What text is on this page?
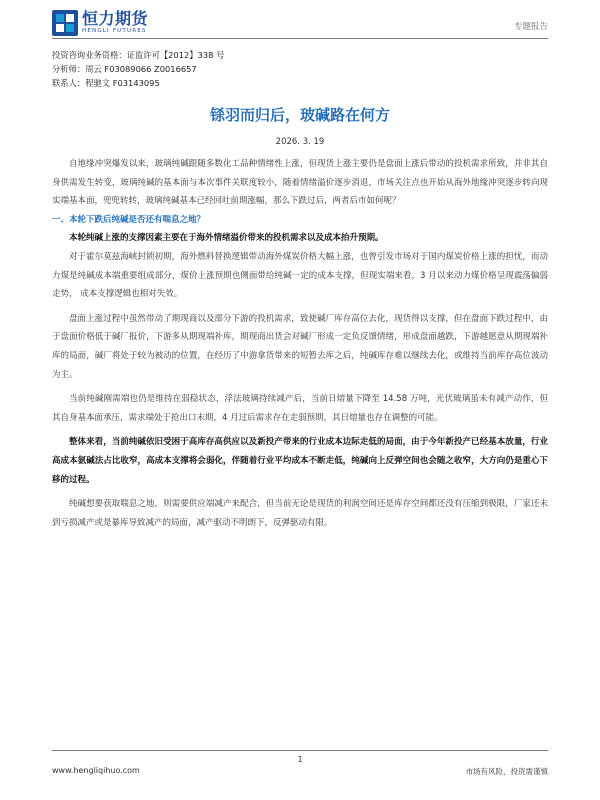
恒力期货
HENGLI FUTURES	专题报告
投资咨询业务资格：证监许可【2012】338 号
分析师：周云 F03089066 Z0016657
联系人：程驰文 F03143095
铩羽而归后，玻碱路在何方
2026. 3. 19

自地缘冲突爆发以来，玻璃纯碱跟随多数化工品种情绪性上涨，但现货上涨主要仍是盘面上涨后带动的投机需求所致，并非其自身供需发生转变，玻璃纯碱的基本面与本次事件关联度较小，随着情绪溢价逐步消退，市场关注点也开始从海外地缘冲突逐步转向现实端基本面，兜兜转转，玻璃纯碱基本已经回吐前期涨幅，那么下跌过后，两者后市如何呢？

一、本轮下跌后纯碱是否还有喘息之地？

本轮纯碱上涨的支撑因素主要在于海外情绪溢价带来的投机需求以及成本抬升预期。

对于霍尔莫兹海峡封锁初期，海外燃料替换逻辑带动海外煤炭价格大幅上涨，也曾引发市场对于国内煤炭价格上涨的担忧，而动力煤是纯碱成本端重要组成部分，煤价上涨预期也侧面带给纯碱一定的成本支撑，但现实端来看，3 月以来动力煤价格呈现震荡偏弱走势， 成本支撑逻辑也相对失效。

盘面上涨过程中虽然带动了期现商以及部分下游的投机需求，致使碱厂库存高位去化，现货得以支撑，但在盘面下跌过程中，由于盘面价格低于碱厂报价，下游多从期现端补库，期现商出货会对碱厂形成一定负反馈情绪，形成盘面越跌，下游越愿意从期现端补库的局面，碱厂将处于较为被动的位置，在经历了中游拿货带来的短暂去库之后，纯碱库存难以继续去化，或维持当前库存高位波动为主。

当前纯碱刚需端也仍是维持在弱稳状态，浮法玻璃持续减产后，当前日熔量下降至 14.58 万吨，光伏玻璃虽未有减产动作，但其自身基本面承压，需求端处于抢出口末期，4 月过后需求存在走弱预期，其日熔量也存在调整的可能。

整体来看，当前纯碱依旧受困于高库存高供应以及新投产带来的行业成本边际走低的局面，由于今年新投产已经基本放量，行业高成本氨碱法占比收窄，高成本支撑将会弱化，伴随着行业平均成本不断走低，纯碱向上反弹空间也会随之收窄，大方向仍是重心下移的过程。

纯碱想要获取喘息之地，则需要供应端减产来配合，但当前无论是现货的利润空间还是库存空间都还没有压缩到极限，厂家还未到亏损减产或是暴库导致减产的局面，减产驱动不明朗下，反弹驱动有限。

1
www.hengliqihuo.com	市场有风险，投资需谨慎
